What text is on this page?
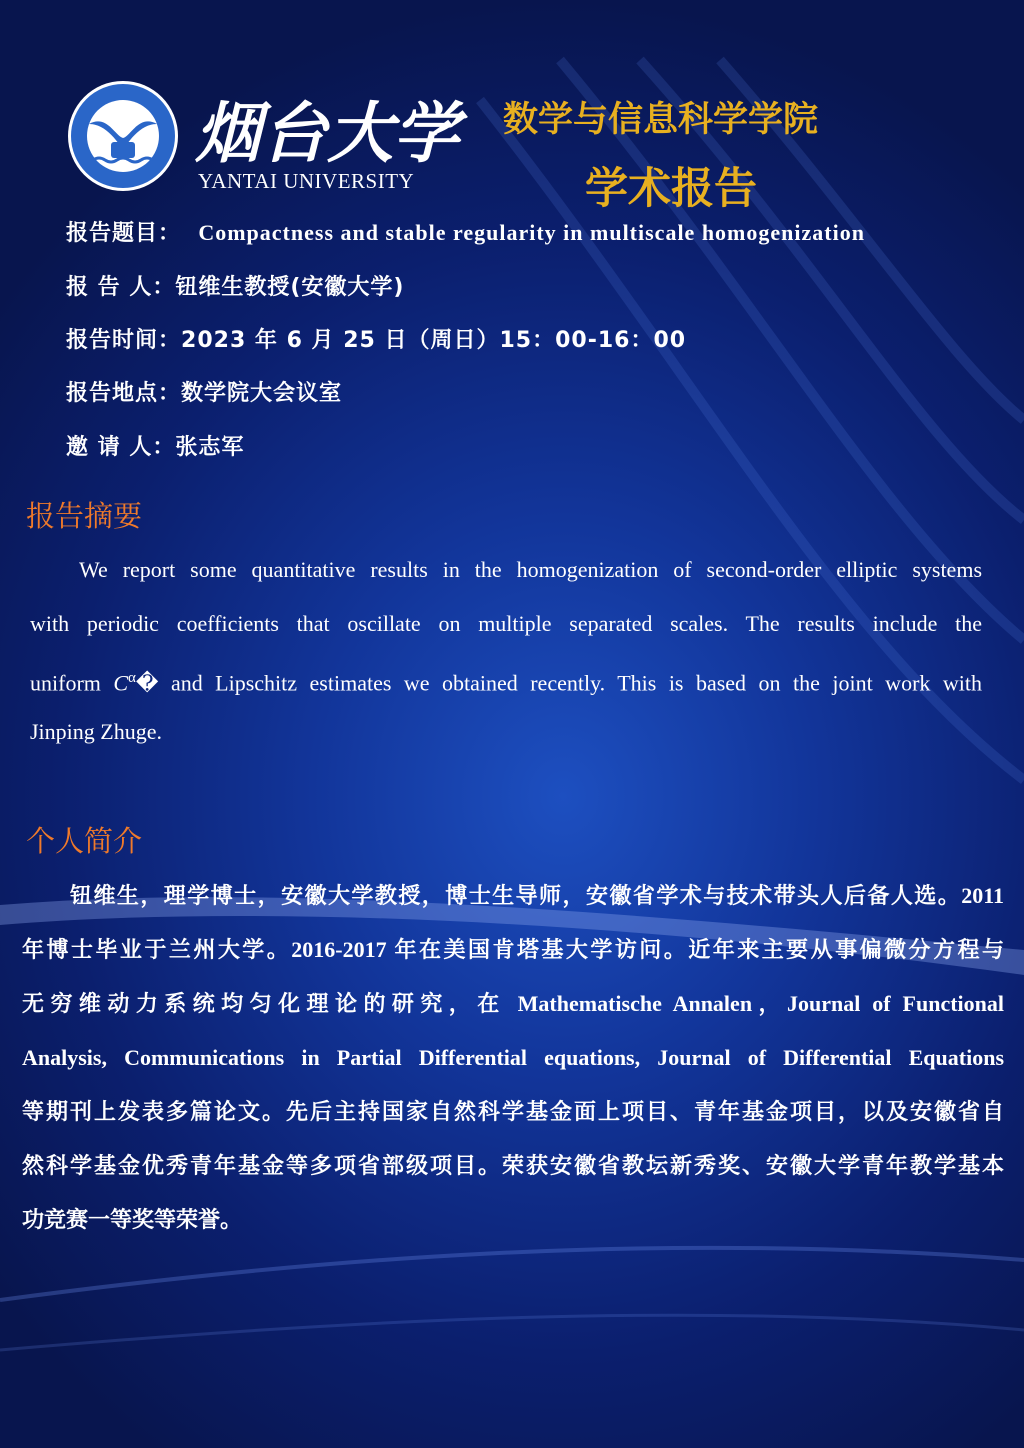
烟台大学
YANTAI UNIVERSITY
数学与信息科学学院
学术报告
报告题目： Compactness and stable regularity in multiscale homogenization
报 告 人：钮维生教授(安徽大学)
报告时间：2023 年 6 月 25 日（周日）15：00-16：00
报告地点：数学院大会议室
邀 请 人：张志军
报告摘要
We report some quantitative results in the homogenization of second-order elliptic systems
with periodic coefficients that oscillate on multiple separated scales. The results include the
uniform $C^\alpha�$ and Lipschitz estimates we obtained recently. This is based on the joint work with
Jinping Zhuge.
个人简介
钮维生，理学博士，安徽大学教授，博士生导师，安徽省学术与技术带头人后备人选。2011
年博士毕业于兰州大学。2016-2017 年在美国肯塔基大学访问。近年来主要从事偏微分方程与
无穷维动力系统均匀化理论的研究，在 Mathematische Annalen，Journal of Functional
Analysis, Communications in Partial Differential equations, Journal of Differential Equations
等期刊上发表多篇论文。先后主持国家自然科学基金面上项目、青年基金项目，以及安徽省自
然科学基金优秀青年基金等多项省部级项目。荣获安徽省教坛新秀奖、安徽大学青年教学基本
功竞赛一等奖等荣誉。
